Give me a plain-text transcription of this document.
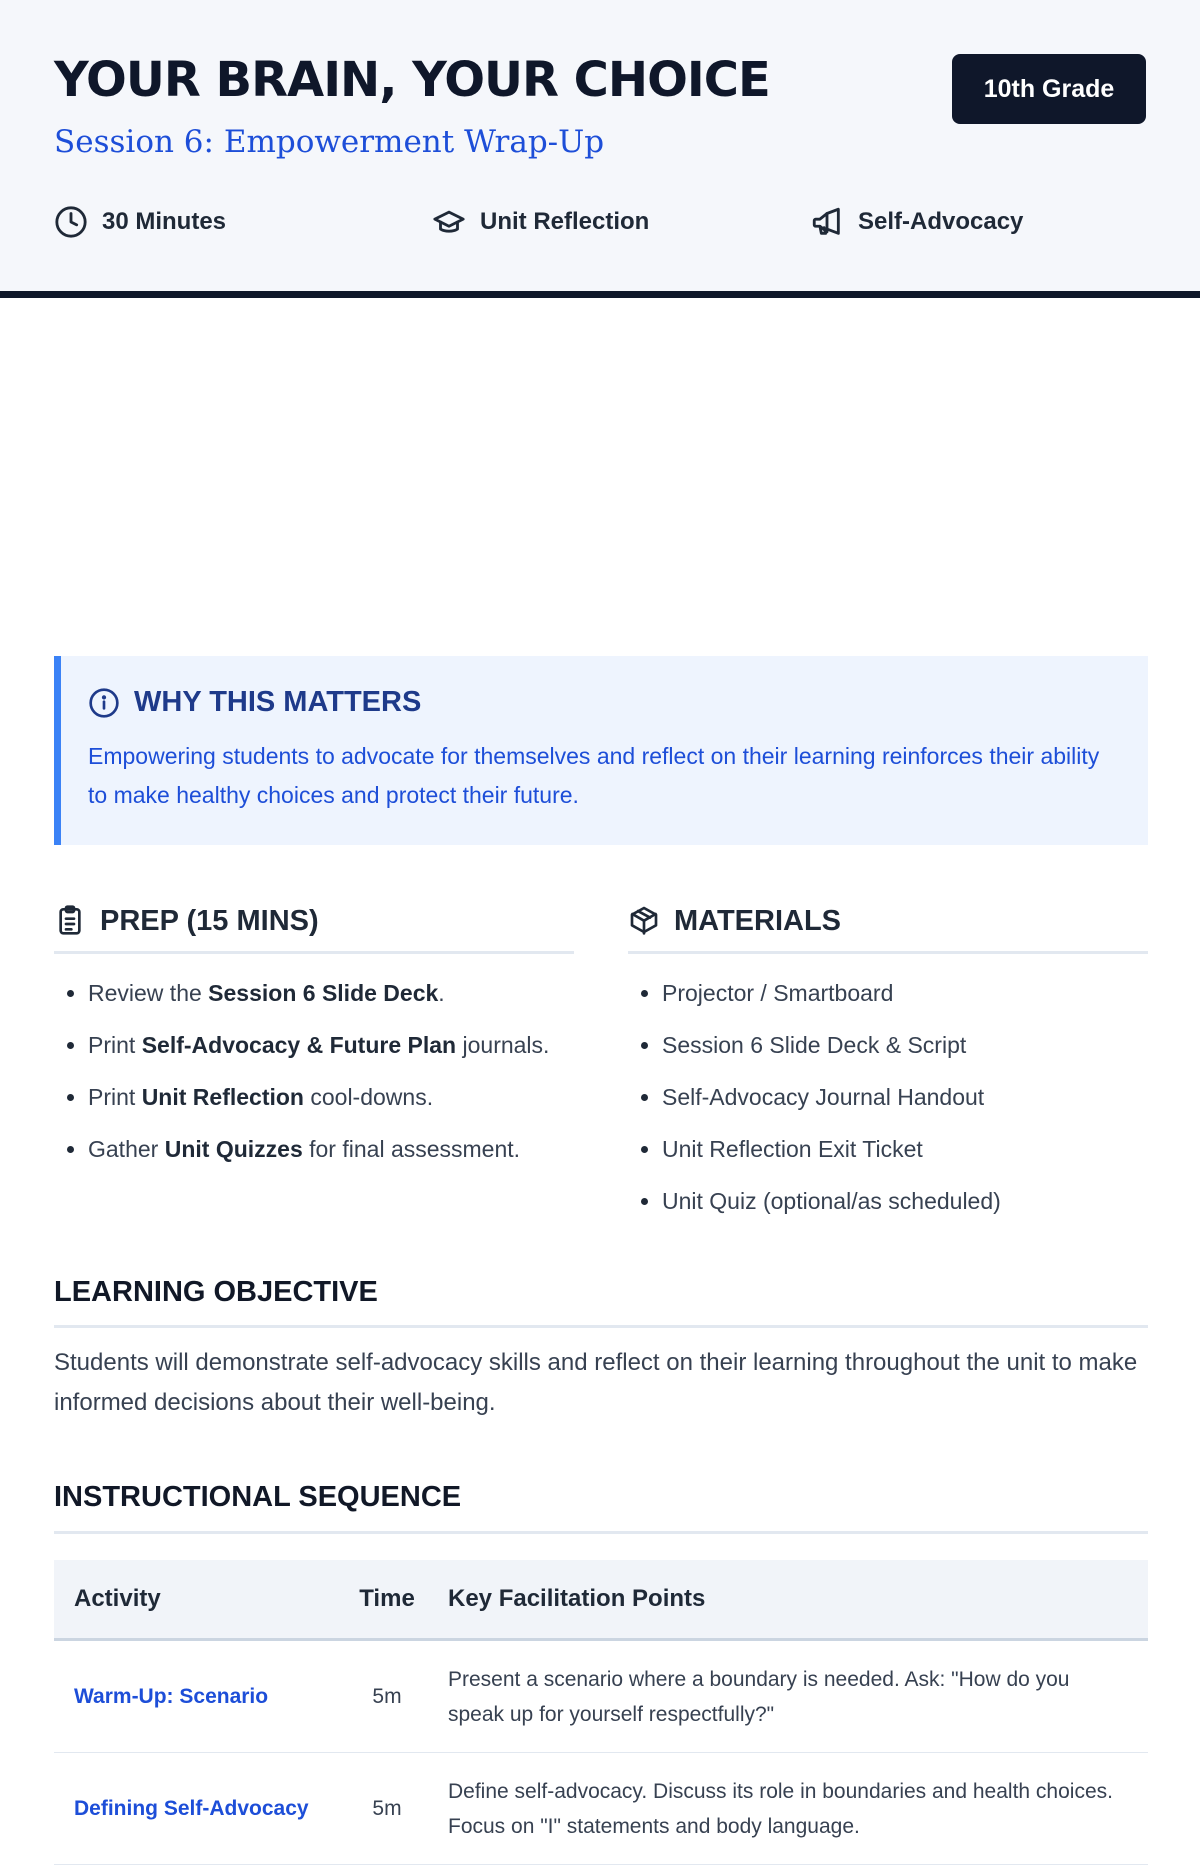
YOUR BRAIN, YOUR CHOICE
Session 6: Empowerment Wrap-Up
10th Grade
30 Minutes	Unit Reflection	Self-Advocacy
WHY THIS MATTERS
Empowering students to advocate for themselves and reflect on their learning reinforces their ability to make healthy choices and protect their future.
PREP (15 MINS)
• Review the Session 6 Slide Deck.
• Print Self-Advocacy & Future Plan journals.
• Print Unit Reflection cool-downs.
• Gather Unit Quizzes for final assessment.
MATERIALS
• Projector / Smartboard
• Session 6 Slide Deck & Script
• Self-Advocacy Journal Handout
• Unit Reflection Exit Ticket
• Unit Quiz (optional/as scheduled)
LEARNING OBJECTIVE

Students will demonstrate self-advocacy skills and reflect on their learning throughout the unit to make informed decisions about their well-being.

INSTRUCTIONAL SEQUENCE
Activity	Time	Key Facilitation Points
Warm-Up: Scenario	5m	Present a scenario where a boundary is needed. Ask: "How do you speak up for yourself respectfully?"
Defining Self-Advocacy	5m	Define self-advocacy. Discuss its role in boundaries and health choices. Focus on "I" statements and body language.
